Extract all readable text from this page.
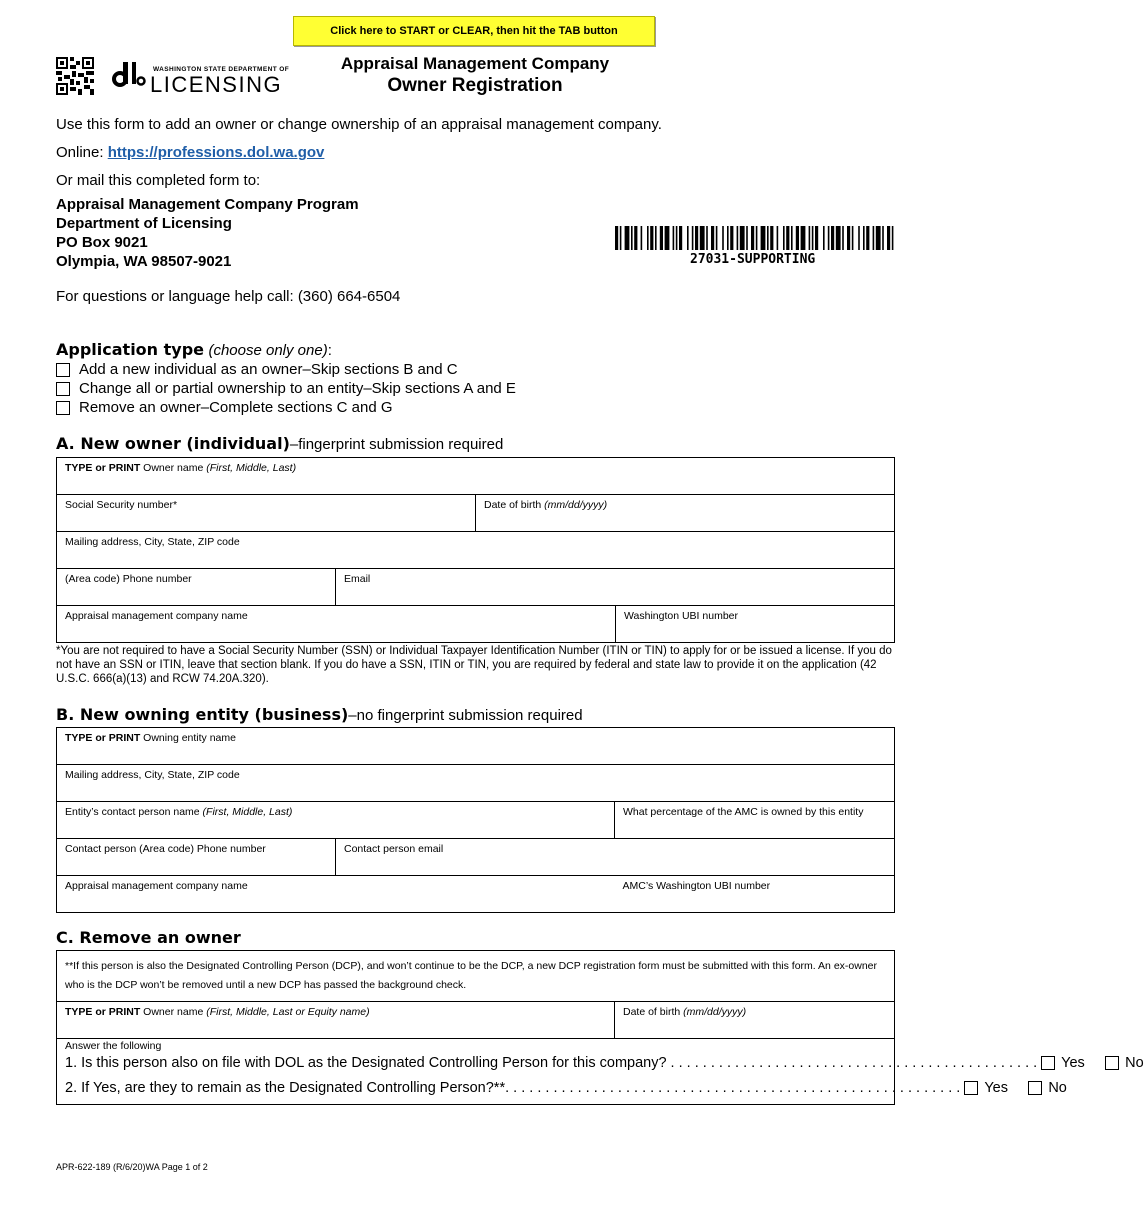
Click here to START or CLEAR, then hit the TAB button
WASHINGTON STATE DEPARTMENT OF
LICENSING
Appraisal Management Company
Owner Registration
Use this form to add an owner or change ownership of an appraisal management company.
Online: https://professions.dol.wa.gov
Or mail this completed form to:
Appraisal Management Company Program
Department of Licensing
PO Box 9021
Olympia, WA 98507-9021	27031-SUPPORTING
For questions or language help call: (360) 664-6504
Application type (choose only one):
Add a new individual as an owner–Skip sections B and C
Change all or partial ownership to an entity–Skip sections A and E
Remove an owner–Complete sections C and G
A. New owner (individual)–fingerprint submission required
TYPE or PRINT Owner name (First, Middle, Last)			

Social Security number*		Date of birth (mm/dd/yyyy)	

Mailing address, City, State, ZIP code			

(Area code) Phone number	Email		

Appraisal management company name			Washington UBI number
*You are not required to have a Social Security Number (SSN) or Individual Taxpayer Identification Number (ITIN or TIN) to apply for or be issued a license. If you do not have an SSN or ITIN, leave that section blank. If you do have a SSN, ITIN or TIN, you are required by federal and state law to provide it on the application (42 U.S.C. 666(a)(13) and RCW 74.20A.320).
B. New owning entity (business)–no fingerprint submission required
TYPE or PRINT Owning entity name		

Mailing address, City, State, ZIP code		

Entity’s contact person name (First, Middle, Last)		What percentage of the AMC is owned by this entity

Contact person (Area code) Phone number	Contact person email	

Appraisal management company name		AMC’s Washington UBI number
C. Remove an owner
**If this person is also the Designated Controlling Person (DCP), and won’t continue to be the DCP, a new DCP registration form must be submitted with this form. An ex-owner who is the DCP won’t be removed until a new DCP has passed the background check.
TYPE or PRINT Owner name (First, Middle, Last or Equity name)	Date of birth (mm/dd/yyyy)

Answer the following
1. Is this person also on file with DOL as the Designated Controlling Person for this company? . . . . . . . . . . . . . . . . . . . . . . . . . . . . . . . . . . . . . . . . . . . . . . Yes	No
2. If Yes, are they to remain as the Designated Controlling Person?**. . . . . . . . . . . . . . . . . . . . . . . . . . . . . . . . . . . . . . . . . . . . . . . . . . . . . . . . . Yes	No
APR-622-189 (R/6/20)WA Page 1 of 2
